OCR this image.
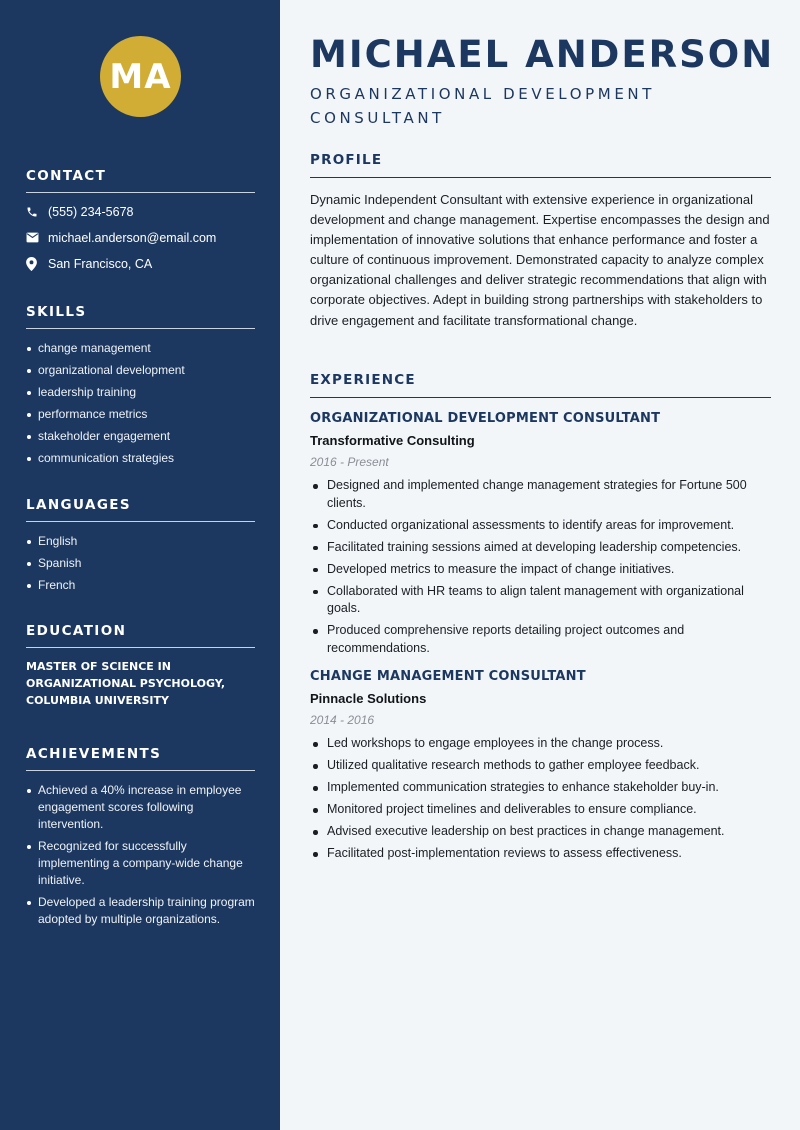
MA
CONTACT
(555) 234-5678
michael.anderson@email.com
San Francisco, CA
SKILLS
change management
organizational development
leadership training
performance metrics
stakeholder engagement
communication strategies
LANGUAGES
English
Spanish
French
EDUCATION

MASTER OF SCIENCE IN ORGANIZATIONAL PSYCHOLOGY, COLUMBIA UNIVERSITY

ACHIEVEMENTS
Achieved a 40% increase in employee engagement scores following intervention.
Recognized for successfully implementing a company-wide change initiative.
Developed a leadership training program adopted by multiple organizations.
MICHAEL ANDERSON
ORGANIZATIONAL DEVELOPMENT CONSULTANT
PROFILE

Dynamic Independent Consultant with extensive experience in organizational development and change management. Expertise encompasses the design and implementation of innovative solutions that enhance performance and foster a culture of continuous improvement. Demonstrated capacity to analyze complex organizational challenges and deliver strategic recommendations that align with corporate objectives. Adept in building strong partnerships with stakeholders to drive engagement and facilitate transformational change.

EXPERIENCE
ORGANIZATIONAL DEVELOPMENT CONSULTANT
Transformative Consulting
2016 - Present
Designed and implemented change management strategies for Fortune 500 clients.
Conducted organizational assessments to identify areas for improvement.
Facilitated training sessions aimed at developing leadership competencies.
Developed metrics to measure the impact of change initiatives.
Collaborated with HR teams to align talent management with organizational goals.
Produced comprehensive reports detailing project outcomes and recommendations.
CHANGE MANAGEMENT CONSULTANT
Pinnacle Solutions
2014 - 2016
Led workshops to engage employees in the change process.
Utilized qualitative research methods to gather employee feedback.
Implemented communication strategies to enhance stakeholder buy-in.
Monitored project timelines and deliverables to ensure compliance.
Advised executive leadership on best practices in change management.
Facilitated post-implementation reviews to assess effectiveness.
